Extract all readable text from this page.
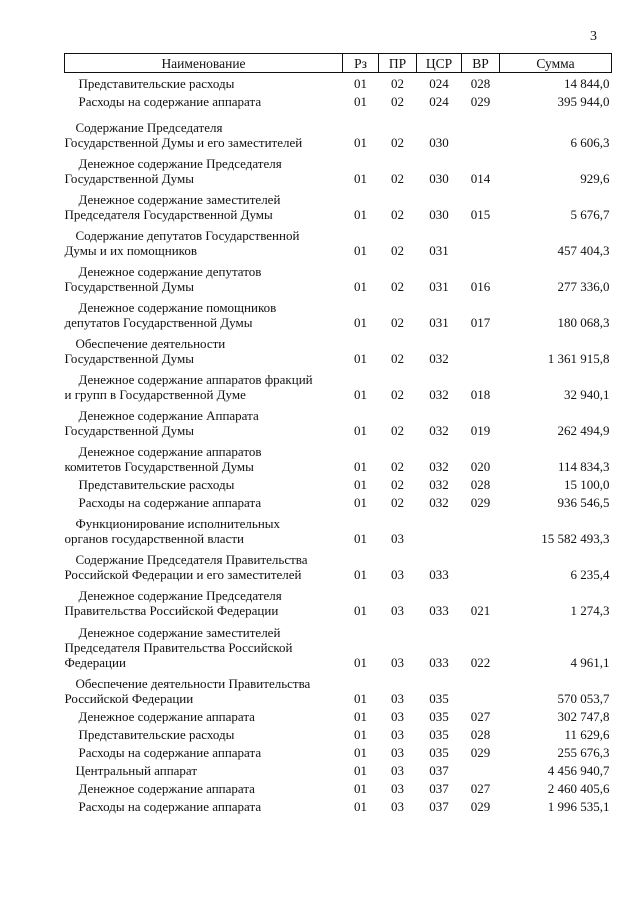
3
Наименование	Рз	ПР	ЦСР	ВР	Сумма

Представительские расходы	01	02	024	028	14 844,0

Расходы на содержание аппарата	01	02	024	029	395 944,0

Содержание Председателя
Государственной Думы и его заместителей	01	02	030		6 606,3

Денежное содержание Председателя
Государственной Думы	01	02	030	014	929,6

Денежное содержание заместителей
Председателя Государственной Думы	01	02	030	015	5 676,7

Содержание депутатов Государственной
Думы и их помощников	01	02	031		457 404,3

Денежное содержание депутатов
Государственной Думы	01	02	031	016	277 336,0

Денежное содержание помощников
депутатов Государственной Думы	01	02	031	017	180 068,3

Обеспечение деятельности
Государственной Думы	01	02	032		1 361 915,8

Денежное содержание аппаратов фракций
и групп в Государственной Думе	01	02	032	018	32 940,1

Денежное содержание Аппарата
Государственной Думы	01	02	032	019	262 494,9

Денежное содержание аппаратов
комитетов Государственной Думы	01	02	032	020	114 834,3

Представительские расходы	01	02	032	028	15 100,0

Расходы на содержание аппарата	01	02	032	029	936 546,5

Функционирование исполнительных
органов государственной власти	01	03			15 582 493,3

Содержание Председателя Правительства
Российской Федерации и его заместителей	01	03	033		6 235,4

Денежное содержание Председателя
Правительства Российской Федерации	01	03	033	021	1 274,3

Денежное содержание заместителей
Председателя Правительства Российской
Федерации	01	03	033	022	4 961,1

Обеспечение деятельности Правительства
Российской Федерации	01	03	035		570 053,7

Денежное содержание аппарата	01	03	035	027	302 747,8

Представительские расходы	01	03	035	028	11 629,6

Расходы на содержание аппарата	01	03	035	029	255 676,3

Центральный аппарат	01	03	037		4 456 940,7

Денежное содержание аппарата	01	03	037	027	2 460 405,6

Расходы на содержание аппарата	01	03	037	029	1 996 535,1
